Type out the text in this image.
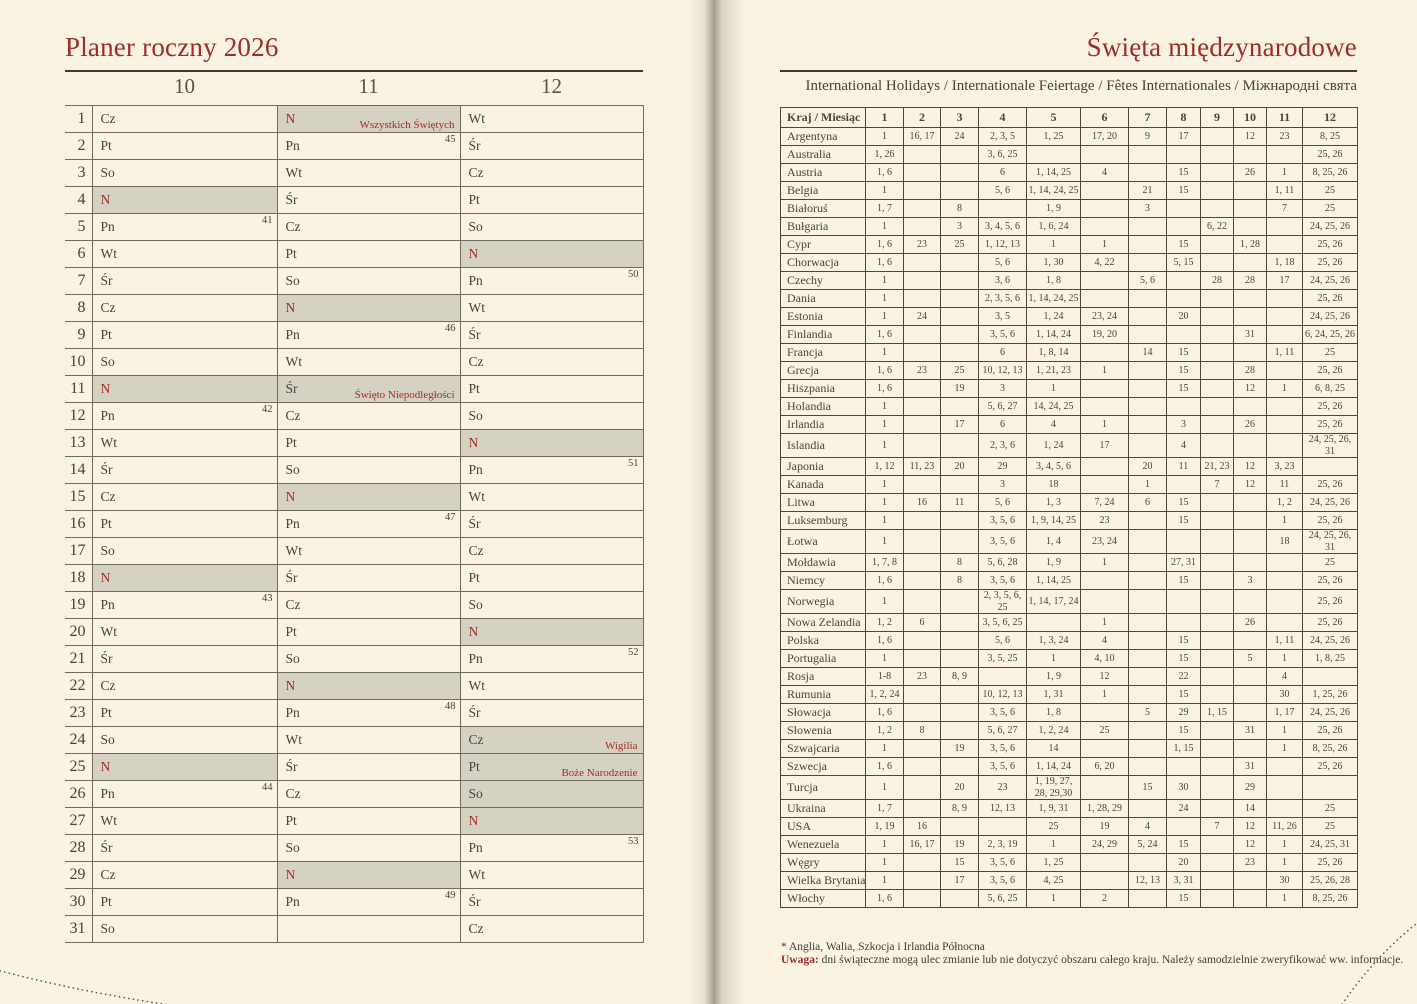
Planer roczny 2026
10	11	12
1	Cz	N Wszystkich Świętych	Wt

2	Pt	Pn 45	Śr

3	So	Wt	Cz

4	N	Śr	Pt

5	Pn 41	Cz	So

6	Wt	Pt	N

7	Śr	So	Pn 50

8	Cz	N	Wt

9	Pt	Pn 46	Śr

10	So	Wt	Cz

11	N	Śr Święto Niepodległości	Pt

12	Pn 42	Cz	So

13	Wt	Pt	N

14	Śr	So	Pn 51

15	Cz	N	Wt

16	Pt	Pn 47	Śr

17	So	Wt	Cz

18	N	Śr	Pt

19	Pn 43	Cz	So

20	Wt	Pt	N

21	Śr	So	Pn 52

22	Cz	N	Wt

23	Pt	Pn 48	Śr

24	So	Wt	Cz Wigilia

25	N	Śr	Pt Boże Narodzenie

26	Pn 44	Cz	So

27	Wt	Pt	N

28	Śr	So	Pn 53

29	Cz	N	Wt

30	Pt	Pn 49	Śr

31	So		Cz
Święta międzynarodowe
International Holidays / Internationale Feiertage / Fêtes Internationales / Міжнародні свята
Kraj / Miesiąc	1	2	3	4	5	6	7	8	9	10	11	12
Argentyna	1	16, 17	24	2, 3, 5	1, 25	17, 20	9	17		12	23	8, 25
Australia	1, 26			3, 6, 25								25, 26
Austria	1, 6			6	1, 14, 25	4		15		26	1	8, 25, 26
Belgia	1			5, 6	1, 14, 24, 25		21	15			1, 11	25
Białoruś	1, 7		8		1, 9		3				7	25
Bułgaria	1		3	3, 4, 5, 6	1, 6, 24				6, 22			24, 25, 26
Cypr	1, 6	23	25	1, 12, 13	1	1		15		1, 28		25, 26
Chorwacja	1, 6			5, 6	1, 30	4, 22		5, 15			1, 18	25, 26
Czechy	1			3, 6	1, 8		5, 6		28	28	17	24, 25, 26
Dania	1			2, 3, 5, 6	1, 14, 24, 25							25, 26
Estonia	1	24		3, 5	1, 24	23, 24		20				24, 25, 26
Finlandia	1, 6			3, 5, 6	1, 14, 24	19, 20				31		6, 24, 25, 26
Francja	1			6	1, 8, 14		14	15			1, 11	25
Grecja	1, 6	23	25	10, 12, 13	1, 21, 23	1		15		28		25, 26
Hiszpania	1, 6		19	3	1			15		12	1	6, 8, 25
Holandia	1			5, 6, 27	14, 24, 25							25, 26
Irlandia	1		17	6	4	1		3		26		25, 26
Islandia	1			2, 3, 6	1, 24	17		4				24, 25, 26, 31
Japonia	1, 12	11, 23	20	29	3, 4, 5, 6		20	11	21, 23	12	3, 23	
Kanada	1			3	18		1		7	12	11	25, 26
Litwa	1	16	11	5, 6	1, 3	7, 24	6	15			1, 2	24, 25, 26
Luksemburg	1			3, 5, 6	1, 9, 14, 25	23		15			1	25, 26
Łotwa	1			3, 5, 6	1, 4	23, 24					18	24, 25, 26, 31
Mołdawia	1, 7, 8		8	5, 6, 28	1, 9	1		27, 31				25
Niemcy	1, 6		8	3, 5, 6	1, 14, 25			15		3		25, 26
Norwegia	1			2, 3, 5, 6, 25	1, 14, 17, 24							25, 26
Nowa Zelandia	1, 2	6		3, 5, 6, 25		1				26		25, 26
Polska	1, 6			5, 6	1, 3, 24	4		15			1, 11	24, 25, 26
Portugalia	1			3, 5, 25	1	4, 10		15		5	1	1, 8, 25
Rosja	1-8	23	8, 9		1, 9	12		22			4	
Rumunia	1, 2, 24			10, 12, 13	1, 31	1		15			30	1, 25, 26
Słowacja	1, 6			3, 5, 6	1, 8		5	29	1, 15		1, 17	24, 25, 26
Słowenia	1, 2	8		5, 6, 27	1, 2, 24	25		15		31	1	25, 26
Szwajcaria	1		19	3, 5, 6	14			1, 15			1	8, 25, 26
Szwecja	1, 6			3, 5, 6	1, 14, 24	6, 20				31		25, 26
Turcja	1		20	23	1, 19, 27, 28, 29,30		15	30		29		
Ukraina	1, 7		8, 9	12, 13	1, 9, 31	1, 28, 29		24		14		25
USA	1, 19	16			25	19	4		7	12	11, 26	25
Wenezuela	1	16, 17	19	2, 3, 19	1	24, 29	5, 24	15		12	1	24, 25, 31
Węgry	1		15	3, 5, 6	1, 25			20		23	1	25, 26
Wielka Brytania	1		17	3, 5, 6	4, 25		12, 13	3, 31			30	25, 26, 28
Włochy	1, 6			5, 6, 25	1	2		15			1	8, 25, 26
* Anglia, Walia, Szkocja i Irlandia Północna
Uwaga: dni świąteczne mogą ulec zmianie lub nie dotyczyć obszaru całego kraju. Należy samodzielnie zweryfikować ww. informacje.
